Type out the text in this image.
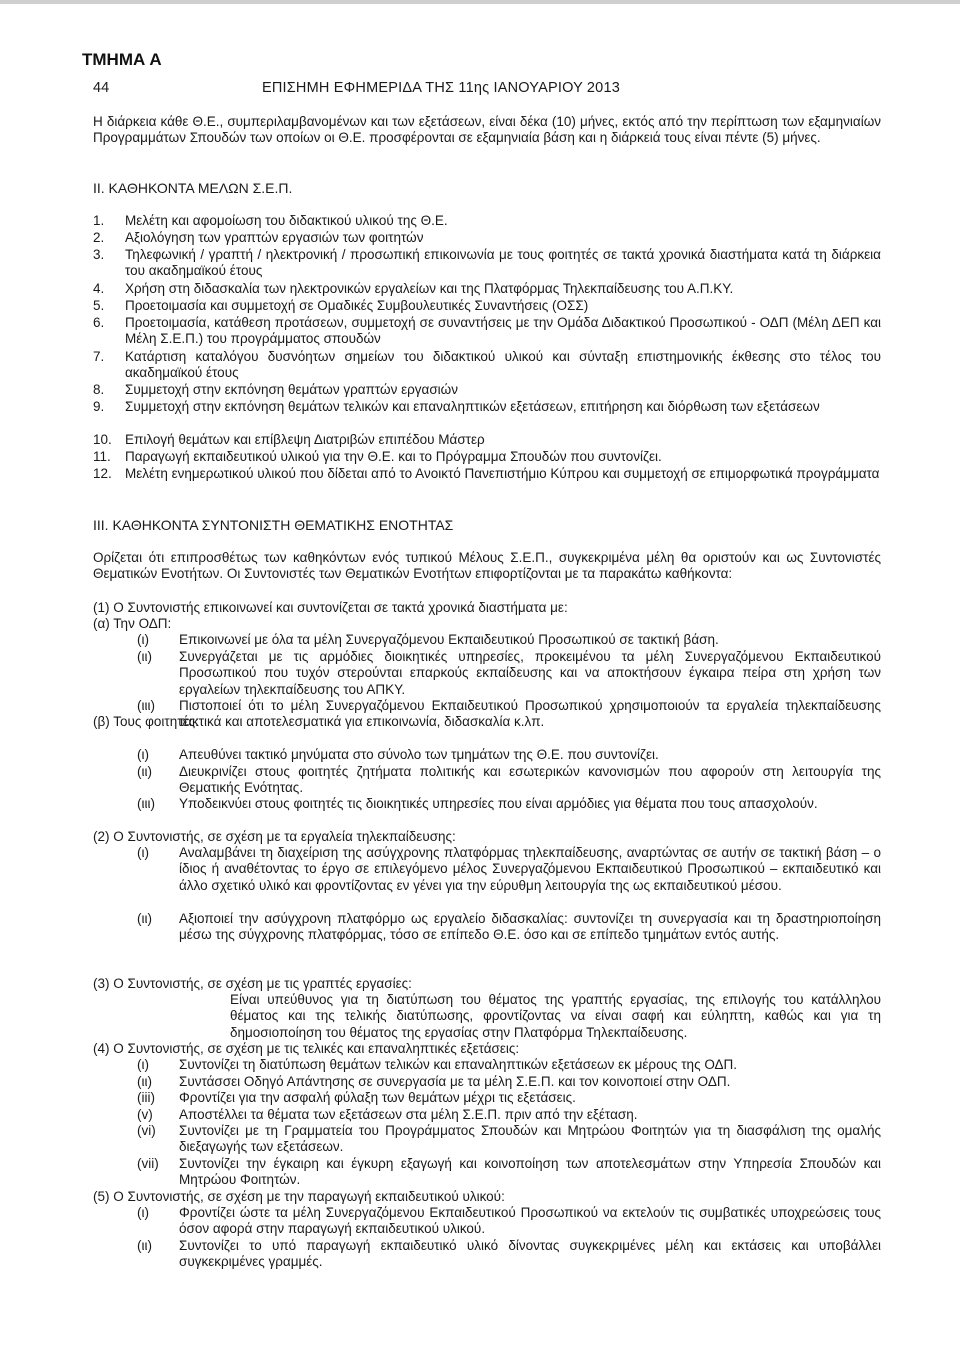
ΤΜΗΜΑ Α
44	ΕΠΙΣΗΜΗ ΕΦΗΜΕΡΙΔΑ ΤΗΣ 11ης ΙΑΝΟΥΑΡΙΟΥ 2013
Η διάρκεια κάθε Θ.Ε., συμπεριλαμβανομένων και των εξετάσεων, είναι δέκα (10) μήνες, εκτός από την περίπτωση των εξαμηνιαίων Προγραμμάτων Σπουδών των οποίων οι Θ.Ε. προσφέρονται σε εξαμηνιαία βάση και η διάρκειά τους είναι πέντε (5) μήνες.
II. ΚΑΘΗΚΟΝΤΑ ΜΕΛΩΝ Σ.Ε.Π.
1. Μελέτη και αφομοίωση του διδακτικού υλικού της Θ.Ε.
2. Αξιολόγηση των γραπτών εργασιών των φοιτητών
3. Τηλεφωνική / γραπτή / ηλεκτρονική / προσωπική επικοινωνία με τους φοιτητές σε τακτά χρονικά διαστήματα κατά τη διάρκεια του ακαδημαϊκού έτους
4. Χρήση στη διδασκαλία των ηλεκτρονικών εργαλείων και της Πλατφόρμας Τηλεκπαίδευσης του Α.Π.ΚΥ.
5. Προετοιμασία και συμμετοχή σε Ομαδικές Συμβουλευτικές Συναντήσεις (ΟΣΣ)
6. Προετοιμασία, κατάθεση προτάσεων, συμμετοχή σε συναντήσεις με την Ομάδα Διδακτικού Προσωπικού - ΟΔΠ (Μέλη ΔΕΠ και Μέλη Σ.Ε.Π.) του προγράμματος σπουδών
7. Κατάρτιση καταλόγου δυσνόητων σημείων του διδακτικού υλικού και σύνταξη επιστημονικής έκθεσης στο τέλος του ακαδημαϊκού έτους
8. Συμμετοχή στην εκπόνηση θεμάτων γραπτών εργασιών
9. Συμμετοχή στην εκπόνηση θεμάτων τελικών και επαναληπτικών εξετάσεων, επιτήρηση και διόρθωση των εξετάσεων
10. Επιλογή θεμάτων και επίβλεψη Διατριβών επιπέδου Μάστερ
11. Παραγωγή εκπαιδευτικού υλικού για την Θ.Ε. και το Πρόγραμμα Σπουδών που συντονίζει.
12. Μελέτη ενημερωτικού υλικού που δίδεται από το Ανοικτό Πανεπιστήμιο Κύπρου και συμμετοχή σε επιμορφωτικά προγράμματα
III. ΚΑΘΗΚΟΝΤΑ ΣΥΝΤΟΝΙΣΤΗ ΘΕΜΑΤΙΚΗΣ ΕΝΟΤΗΤΑΣ
Ορίζεται ότι επιπροσθέτως των καθηκόντων ενός τυπικού Μέλους Σ.Ε.Π., συγκεκριμένα μέλη θα οριστούν και ως Συντονιστές Θεματικών Ενοτήτων. Οι Συντονιστές των Θεματικών Ενοτήτων επιφορτίζονται με τα παρακάτω καθήκοντα:
(1) Ο Συντονιστής επικοινωνεί και συντονίζεται σε τακτά χρονικά διαστήματα με:
(α) Την ΟΔΠ:
(ι) Επικοινωνεί με όλα τα μέλη Συνεργαζόμενου Εκπαιδευτικού Προσωπικού σε τακτική βάση.
(ιι) Συνεργάζεται με τις αρμόδιες διοικητικές υπηρεσίες, προκειμένου τα μέλη Συνεργαζόμενου Εκπαιδευτικού Προσωπικού που τυχόν στερούνται επαρκούς εκπαίδευσης και να αποκτήσουν έγκαιρα πείρα στη χρήση των εργαλείων τηλεκπαίδευσης του ΑΠΚΥ.
(ιιι) Πιστοποιεί ότι το μέλη Συνεργαζόμενου Εκπαιδευτικού Προσωπικού χρησιμοποιούν τα εργαλεία τηλεκπαίδευσης τακτικά και αποτελεσματικά για επικοινωνία, διδασκαλία κ.λπ.
(β) Τους φοιτητές:
(ι) Απευθύνει τακτικό μηνύματα στο σύνολο των τμημάτων της Θ.Ε. που συντονίζει.
(ιι) Διευκρινίζει στους φοιτητές ζητήματα πολιτικής και εσωτερικών κανονισμών που αφορούν στη λειτουργία της Θεματικής Ενότητας.
(ιιι) Υποδεικνύει στους φοιτητές τις διοικητικές υπηρεσίες που είναι αρμόδιες για θέματα που τους απασχολούν.
(2) Ο Συντονιστής, σε σχέση με τα εργαλεία τηλεκπαίδευσης:
(ι) Αναλαμβάνει τη διαχείριση της ασύγχρονης πλατφόρμας τηλεκπαίδευσης, αναρτώντας σε αυτήν σε τακτική βάση – ο ίδιος ή αναθέτοντας το έργο σε επιλεγόμενο μέλος Συνεργαζόμενου Εκπαιδευτικού Προσωπικού – εκπαιδευτικό και άλλο σχετικό υλικό και φροντίζοντας εν γένει για την εύρυθμη λειτουργία της ως εκπαιδευτικού μέσου.
(ιι) Αξιοποιεί την ασύγχρονη πλατφόρμο ως εργαλείο διδασκαλίας: συντονίζει τη συνεργασία και τη δραστηριοποίηση μέσω της σύγχρονης πλατφόρμας, τόσο σε επίπεδο Θ.Ε. όσο και σε επίπεδο τμημάτων εντός αυτής.
(3) Ο Συντονιστής, σε σχέση με τις γραπτές εργασίες:
Είναι υπεύθυνος για τη διατύπωση του θέματος της γραπτής εργασίας, της επιλογής του κατάλληλου θέματος και της τελικής διατύπωσης, φροντίζοντας να είναι σαφή και εύληπτη, καθώς και για τη δημοσιοποίηση του θέματος της εργασίας στην Πλατφόρμα Τηλεκπαίδευσης.
(4) Ο Συντονιστής, σε σχέση με τις τελικές και επαναληπτικές εξετάσεις:
(ι) Συντονίζει τη διατύπωση θεμάτων τελικών και επαναληπτικών εξετάσεων εκ μέρους της ΟΔΠ.
(ιι) Συντάσσει Οδηγό Απάντησης σε συνεργασία με τα μέλη Σ.Ε.Π. και τον κοινοποιεί στην ΟΔΠ.
(iii) Φροντίζει για την ασφαλή φύλαξη των θεμάτων μέχρι τις εξετάσεις.
(v) Αποστέλλει τα θέματα των εξετάσεων στα μέλη Σ.Ε.Π. πριν από την εξέταση.
(vi) Συντονίζει με τη Γραμματεία του Προγράμματος Σπουδών και Μητρώου Φοιτητών για τη διασφάλιση της ομαλής διεξαγωγής των εξετάσεων.
(vii) Συντονίζει την έγκαιρη και έγκυρη εξαγωγή και κοινοποίηση των αποτελεσμάτων στην Υπηρεσία Σπουδών και Μητρώου Φοιτητών.
(5) Ο Συντονιστής, σε σχέση με την παραγωγή εκπαιδευτικού υλικού:
(ι) Φροντίζει ώστε τα μέλη Συνεργαζόμενου Εκπαιδευτικού Προσωπικού να εκτελούν τις συμβατικές υποχρεώσεις τους όσον αφορά στην παραγωγή εκπαιδευτικού υλικού.
(ιι) Συντονίζει το υπό παραγωγή εκπαιδευτικό υλικό δίνοντας συγκεκριμένες μέλη και εκτάσεις και υποβάλλει συγκεκριμένες γραμμές.
